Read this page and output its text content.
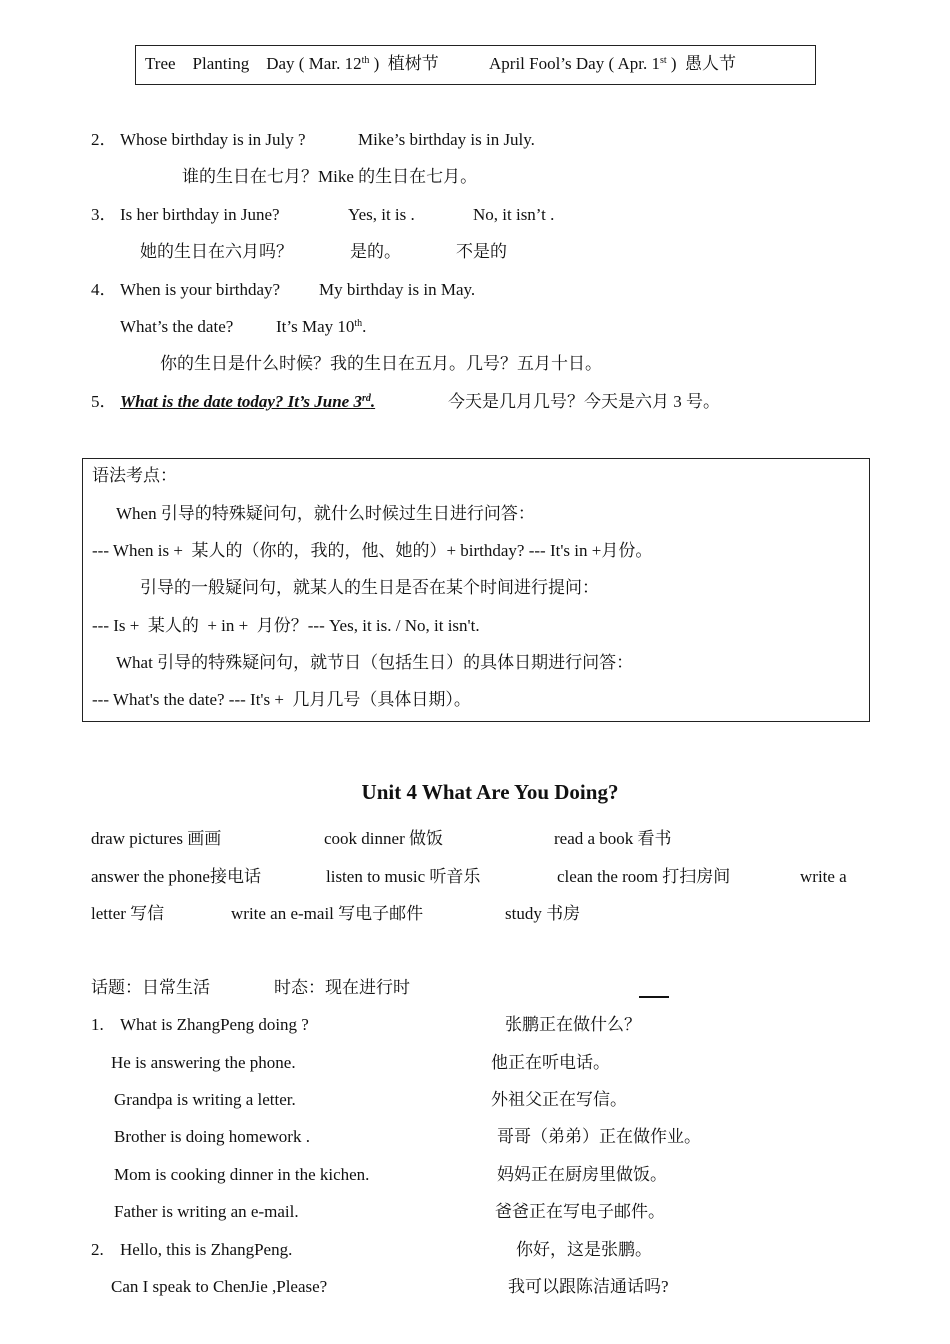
Tree    Planting    Day ( Mar. 12th )  植树节	April Fool’s Day ( Apr. 1st )  愚人节
2． Whose birthday is in July ?	Mike’s birthday is in July.
谁的生日在七月？Mike 的生日在七月。
3． Is her birthday in June?	Yes, it is .	No, it isn’t .
她的生日在六月吗？	是的。	不是的
4． When is your birthday? My birthday is in May.
What’s the date?	It’s May 10th.
你的生日是什么时候？我的生日在五月。几号？五月十日。
5． What is the date today? It’s June 3rd.	今天是几月几号？今天是六月 3 号。
语法考点：
When 引导的特殊疑问句，就什么时候过生日进行问答：
--- When is +  某人的（你的，我的，他、她的）+ birthday? --- It's in +月份。
引导的一般疑问句，就某人的生日是否在某个时间进行提问：
--- Is +  某人的  + in +  月份？--- Yes, it is. / No, it isn't.
What 引导的特殊疑问句，就节日（包括生日）的具体日期进行问答：
--- What's the date? --- It's +  几月几号（具体日期）。
Unit 4 What Are You Doing?
draw pictures 画画	cook dinner 做饭	read a book 看书
answer the phone接电话	listen to music 听音乐	clean the room 打扫房间	write a
letter 写信	write an e-mail 写电子邮件	study 书房
话题：日常生活	时态：现在进行时
1. What is ZhangPeng doing ?	张鹏正在做什么？
He is answering the phone.	他正在听电话。
Grandpa is writing a letter.	外祖父正在写信。
Brother is doing homework .	哥哥（弟弟）正在做作业。
Mom is cooking dinner in the kichen.	妈妈正在厨房里做饭。
Father is writing an e-mail.	爸爸正在写电子邮件。
2. Hello, this is ZhangPeng.	你好，这是张鹏。
Can I speak to ChenJie ,Please?	我可以跟陈洁通话吗?
